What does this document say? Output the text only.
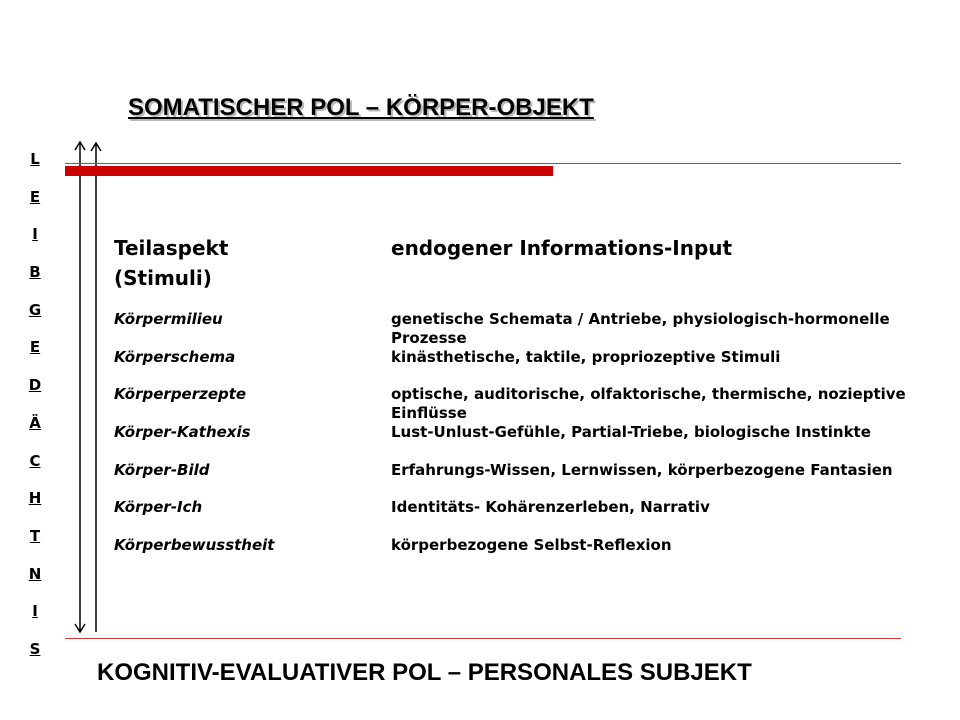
SOMATISCHER POL – KÖRPER-OBJEKT
L
E
I
B
G
E
D
Ä
C
H
T
N
I
S
Teilaspekt	endogener Informations-Input
(Stimuli)
Körpermilieu	genetische Schemata / Antriebe, physiologisch-hormonelle Prozesse
Körperschema	kinästhetische, taktile, propriozeptive Stimuli
Körperperzepte	optische, auditorische, olfaktorische, thermische, nozieptive Einflüsse
Körper-Kathexis	Lust-Unlust-Gefühle, Partial-Triebe, biologische Instinkte
Körper-Bild	Erfahrungs-Wissen, Lernwissen, körperbezogene Fantasien
Körper-Ich	Identitäts- Kohärenzerleben, Narrativ
Körperbewusstheit	körperbezogene Selbst-Reflexion
KOGNITIV-EVALUATIVER POL – PERSONALES SUBJEKT
